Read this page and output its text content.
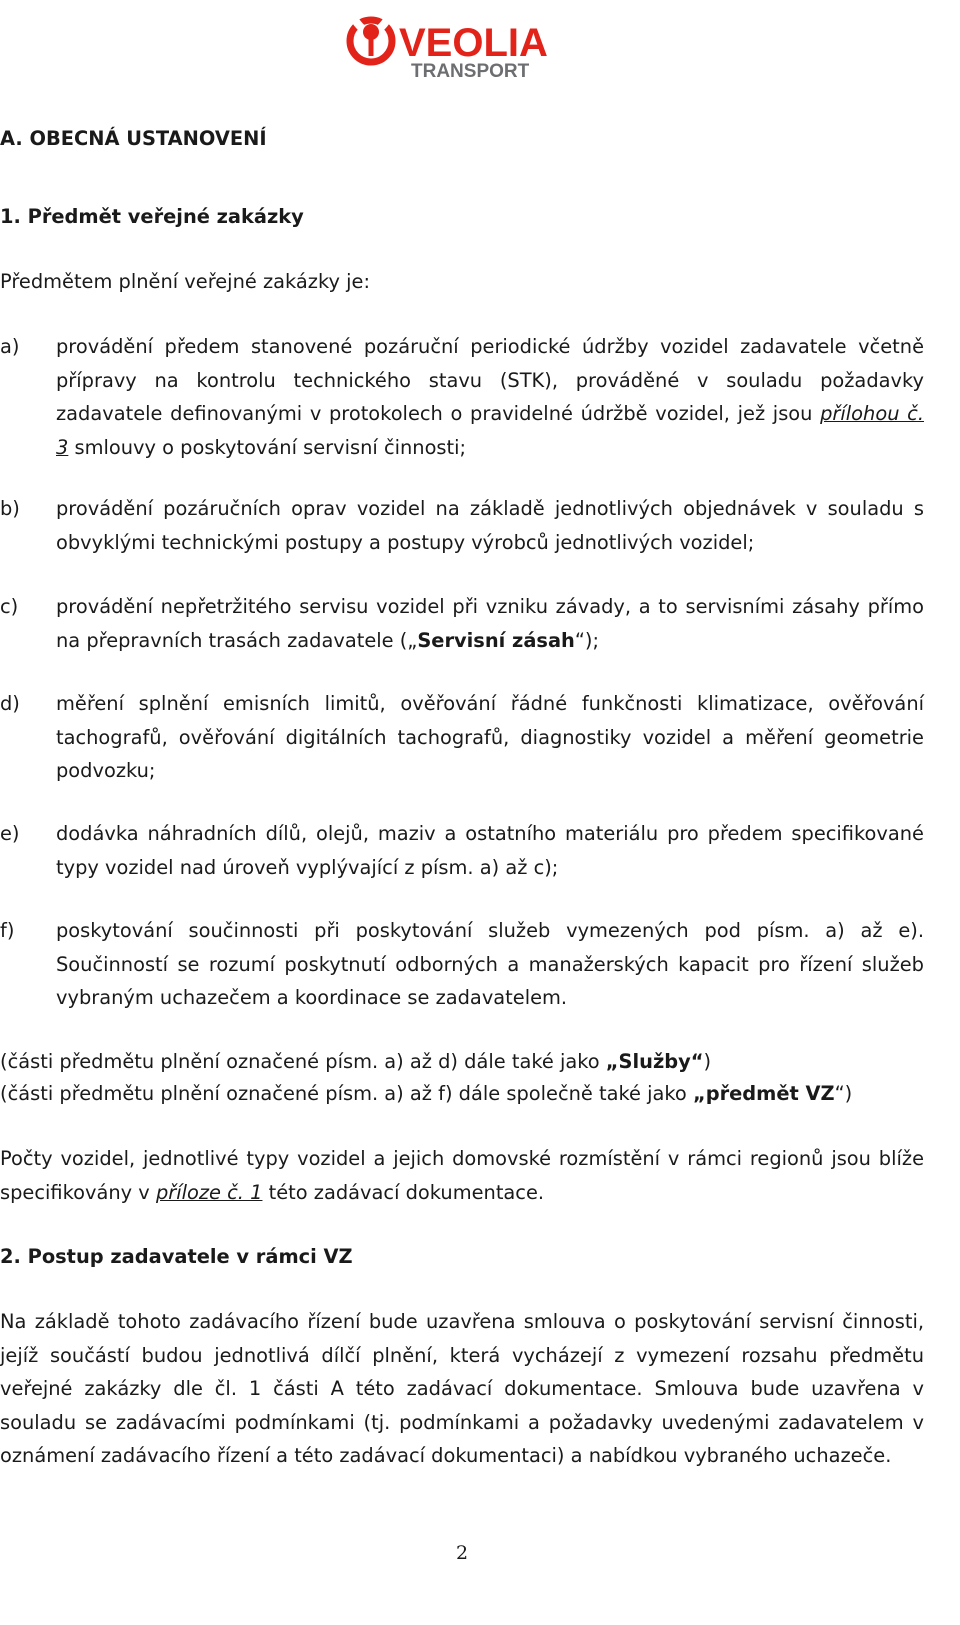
VEOLIA
TRANSPORT
A. OBECNÁ USTANOVENÍ
1. Předmět veřejné zakázky
Předmětem plnění veřejné zakázky je:
a) provádění předem stanovené pozáruční periodické údržby vozidel zadavatele včetně přípravy na kontrolu technického stavu (STK), prováděné v souladu požadavky zadavatele definovanými v protokolech o pravidelné údržbě vozidel, jež jsou přílohou č. 3 smlouvy o poskytování servisní činnosti;
b) provádění pozáručních oprav vozidel na základě jednotlivých objednávek v souladu s obvyklými technickými postupy a postupy výrobců jednotlivých vozidel;
c) provádění nepřetržitého servisu vozidel při vzniku závady, a to servisními zásahy přímo na přepravních trasách zadavatele („Servisní zásah“);
d) měření splnění emisních limitů, ověřování řádné funkčnosti klimatizace, ověřování tachografů, ověřování digitálních tachografů, diagnostiky vozidel a měření geometrie podvozku;
e) dodávka náhradních dílů, olejů, maziv a ostatního materiálu pro předem specifikované typy vozidel nad úroveň vyplývající z písm. a) až c);
f) poskytování součinnosti při poskytování služeb vymezených pod písm. a) až e). Součinností se rozumí poskytnutí odborných a manažerských kapacit pro řízení služeb vybraným uchazečem a koordinace se zadavatelem.
(části předmětu plnění označené písm. a) až d) dále také jako „Služby“)
(části předmětu plnění označené písm. a) až f) dále společně také jako „předmět VZ“)
Počty vozidel, jednotlivé typy vozidel a jejich domovské rozmístění v rámci regionů jsou blíže specifikovány v příloze č. 1 této zadávací dokumentace.
2. Postup zadavatele v rámci VZ
Na základě tohoto zadávacího řízení bude uzavřena smlouva o poskytování servisní činnosti, jejíž součástí budou jednotlivá dílčí plnění, která vycházejí z vymezení rozsahu předmětu veřejné zakázky dle čl. 1 části A této zadávací dokumentace. Smlouva bude uzavřena v souladu se zadávacími podmínkami (tj. podmínkami a požadavky uvedenými zadavatelem v oznámení zadávacího řízení a této zadávací dokumentaci) a nabídkou vybraného uchazeče.
2
